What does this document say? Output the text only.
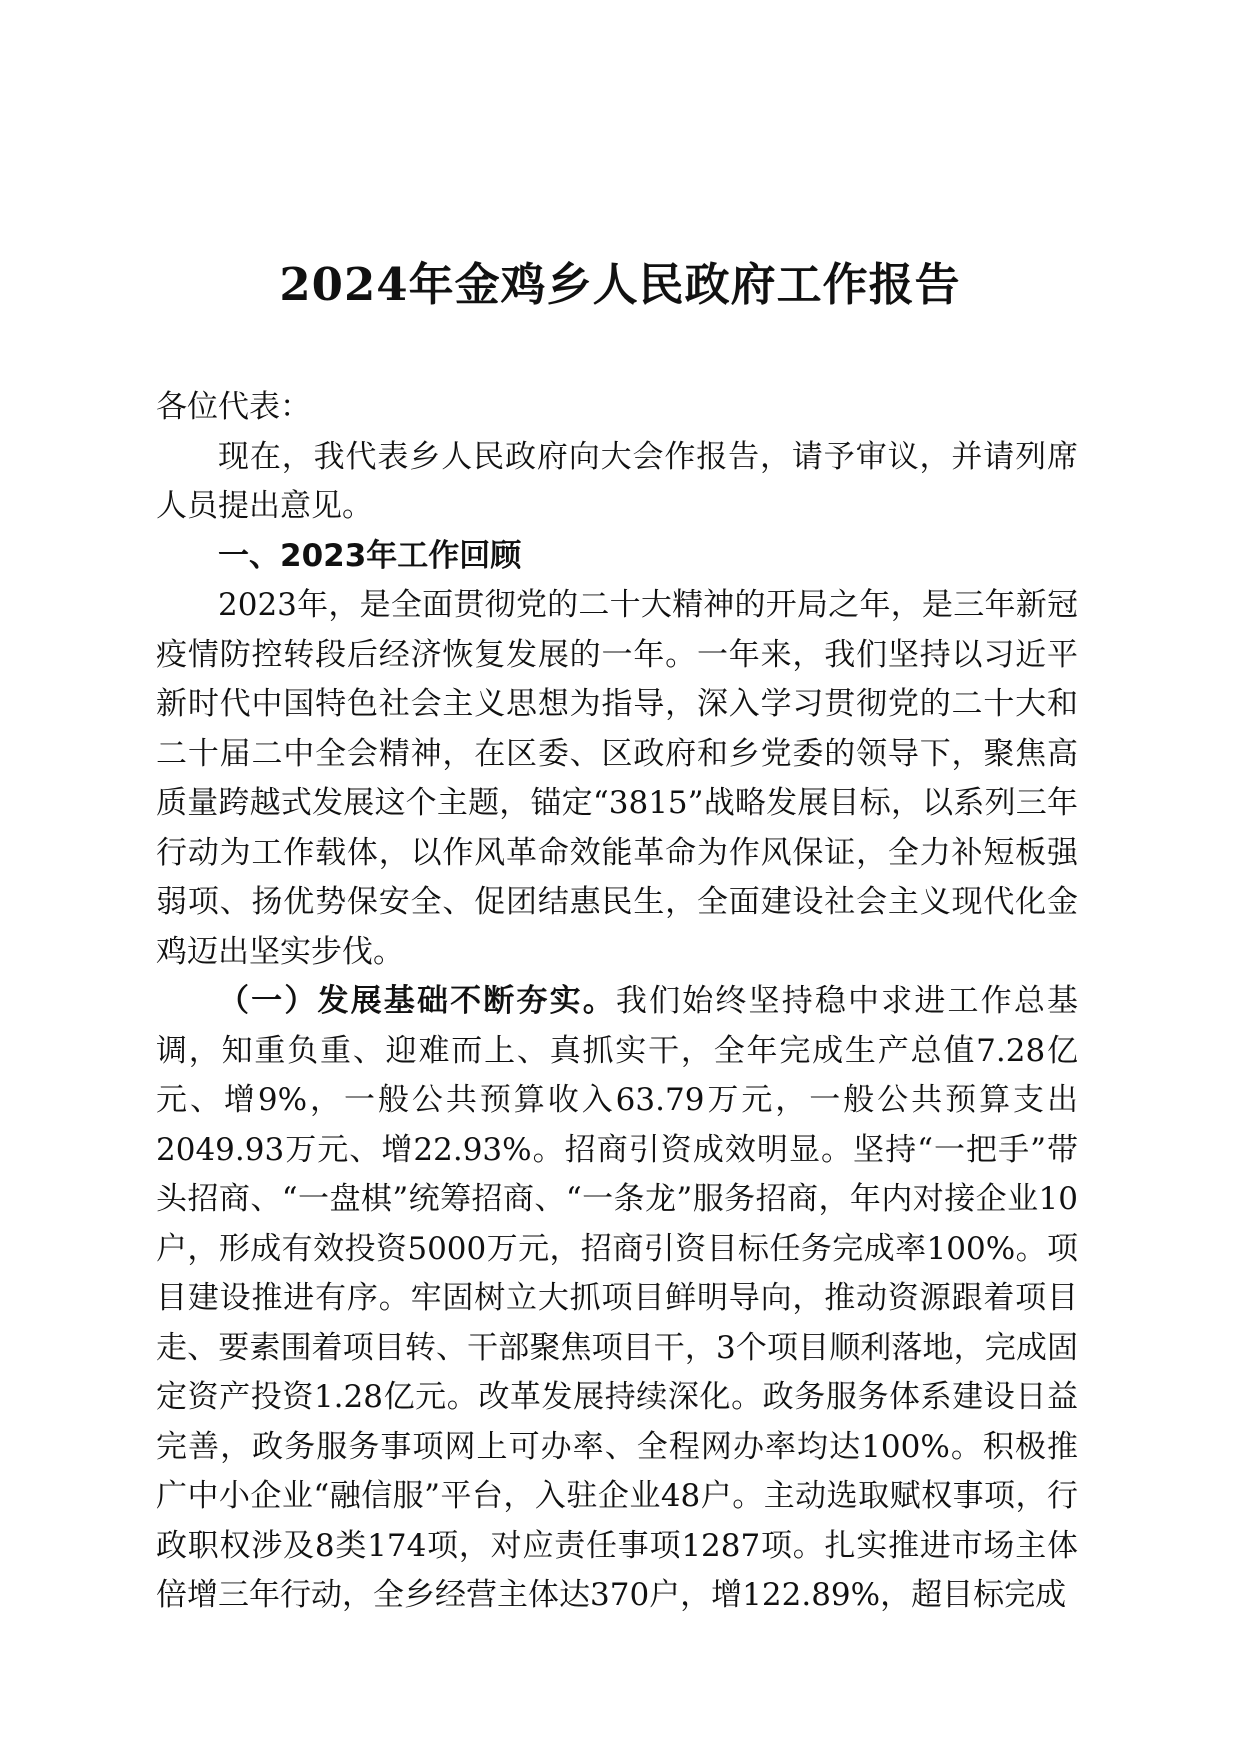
2024年金鸡乡人民政府工作报告

各位代表：

现在，我代表乡人民政府向大会作报告，请予审议，并请列席人员提出意见。

一、2023年工作回顾

2023年，是全面贯彻党的二十大精神的开局之年，是三年新冠疫情防控转段后经济恢复发展的一年。一年来，我们坚持以习近平新时代中国特色社会主义思想为指导，深入学习贯彻党的二十大和二十届二中全会精神，在区委、区政府和乡党委的领导下，聚焦高质量跨越式发展这个主题，锚定“3815”战略发展目标，以系列三年行动为工作载体，以作风革命效能革命为作风保证，全力补短板强弱项、扬优势保安全、促团结惠民生，全面建设社会主义现代化金鸡迈出坚实步伐。

（一）发展基础不断夯实。我们始终坚持稳中求进工作总基调，知重负重、迎难而上、真抓实干，全年完成生产总值7.28亿元、增9%，一般公共预算收入63.79万元，一般公共预算支出2049.93万元、增22.93%。招商引资成效明显。坚持“一把手”带头招商、“一盘棋”统筹招商、“一条龙”服务招商，年内对接企业10户，形成有效投资5000万元，招商引资目标任务完成率100%。项目建设推进有序。牢固树立大抓项目鲜明导向，推动资源跟着项目走、要素围着项目转、干部聚焦项目干，3个项目顺利落地，完成固定资产投资1.28亿元。改革发展持续深化。政务服务体系建设日益完善，政务服务事项网上可办率、全程网办率均达100%。积极推广中小企业“融信服”平台，入驻企业48户。主动选取赋权事项，行政职权涉及8类174项，对应责任事项1287项。扎实推进市场主体倍增三年行动，全乡经营主体达370户，增122.89%，超目标完成
